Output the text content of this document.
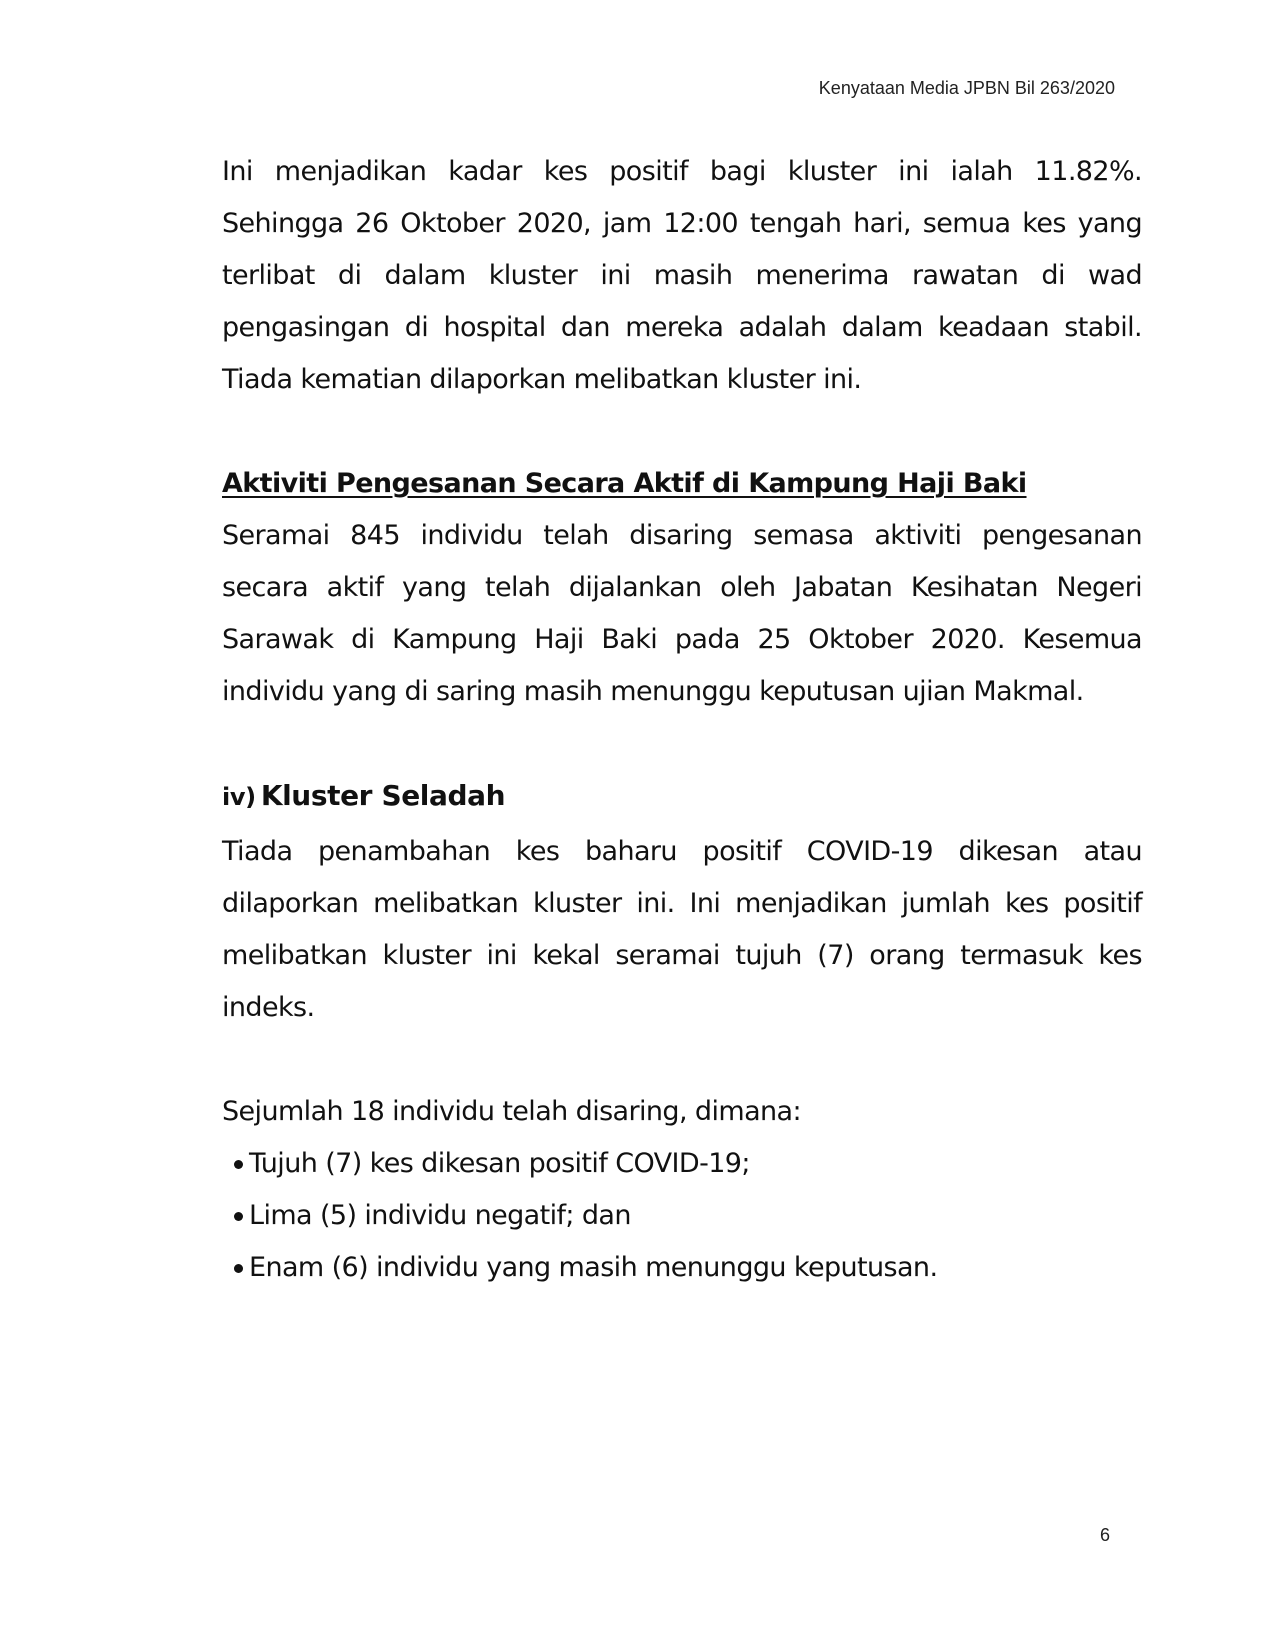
Kenyataan Media JPBN Bil 263/2020

Ini menjadikan kadar kes positif bagi kluster ini ialah 11.82%. Sehingga 26 Oktober 2020, jam 12:00 tengah hari, semua kes yang terlibat di dalam kluster ini masih menerima rawatan di wad pengasingan di hospital dan mereka adalah dalam keadaan stabil. Tiada kematian dilaporkan melibatkan kluster ini.

Aktiviti Pengesanan Secara Aktif di Kampung Haji Baki

Seramai 845 individu telah disaring semasa aktiviti pengesanan secara aktif yang telah dijalankan oleh Jabatan Kesihatan Negeri Sarawak di Kampung Haji Baki pada 25 Oktober 2020. Kesemua individu yang di saring masih menunggu keputusan ujian Makmal.

iv) Kluster Seladah

Tiada penambahan kes baharu positif COVID-19 dikesan atau dilaporkan melibatkan kluster ini. Ini menjadikan jumlah kes positif melibatkan kluster ini kekal seramai tujuh (7) orang termasuk kes indeks.

Sejumlah 18 individu telah disaring, dimana:

Tujuh (7) kes dikesan positif COVID-19;
Lima (5) individu negatif; dan
Enam (6) individu yang masih menunggu keputusan.
6
